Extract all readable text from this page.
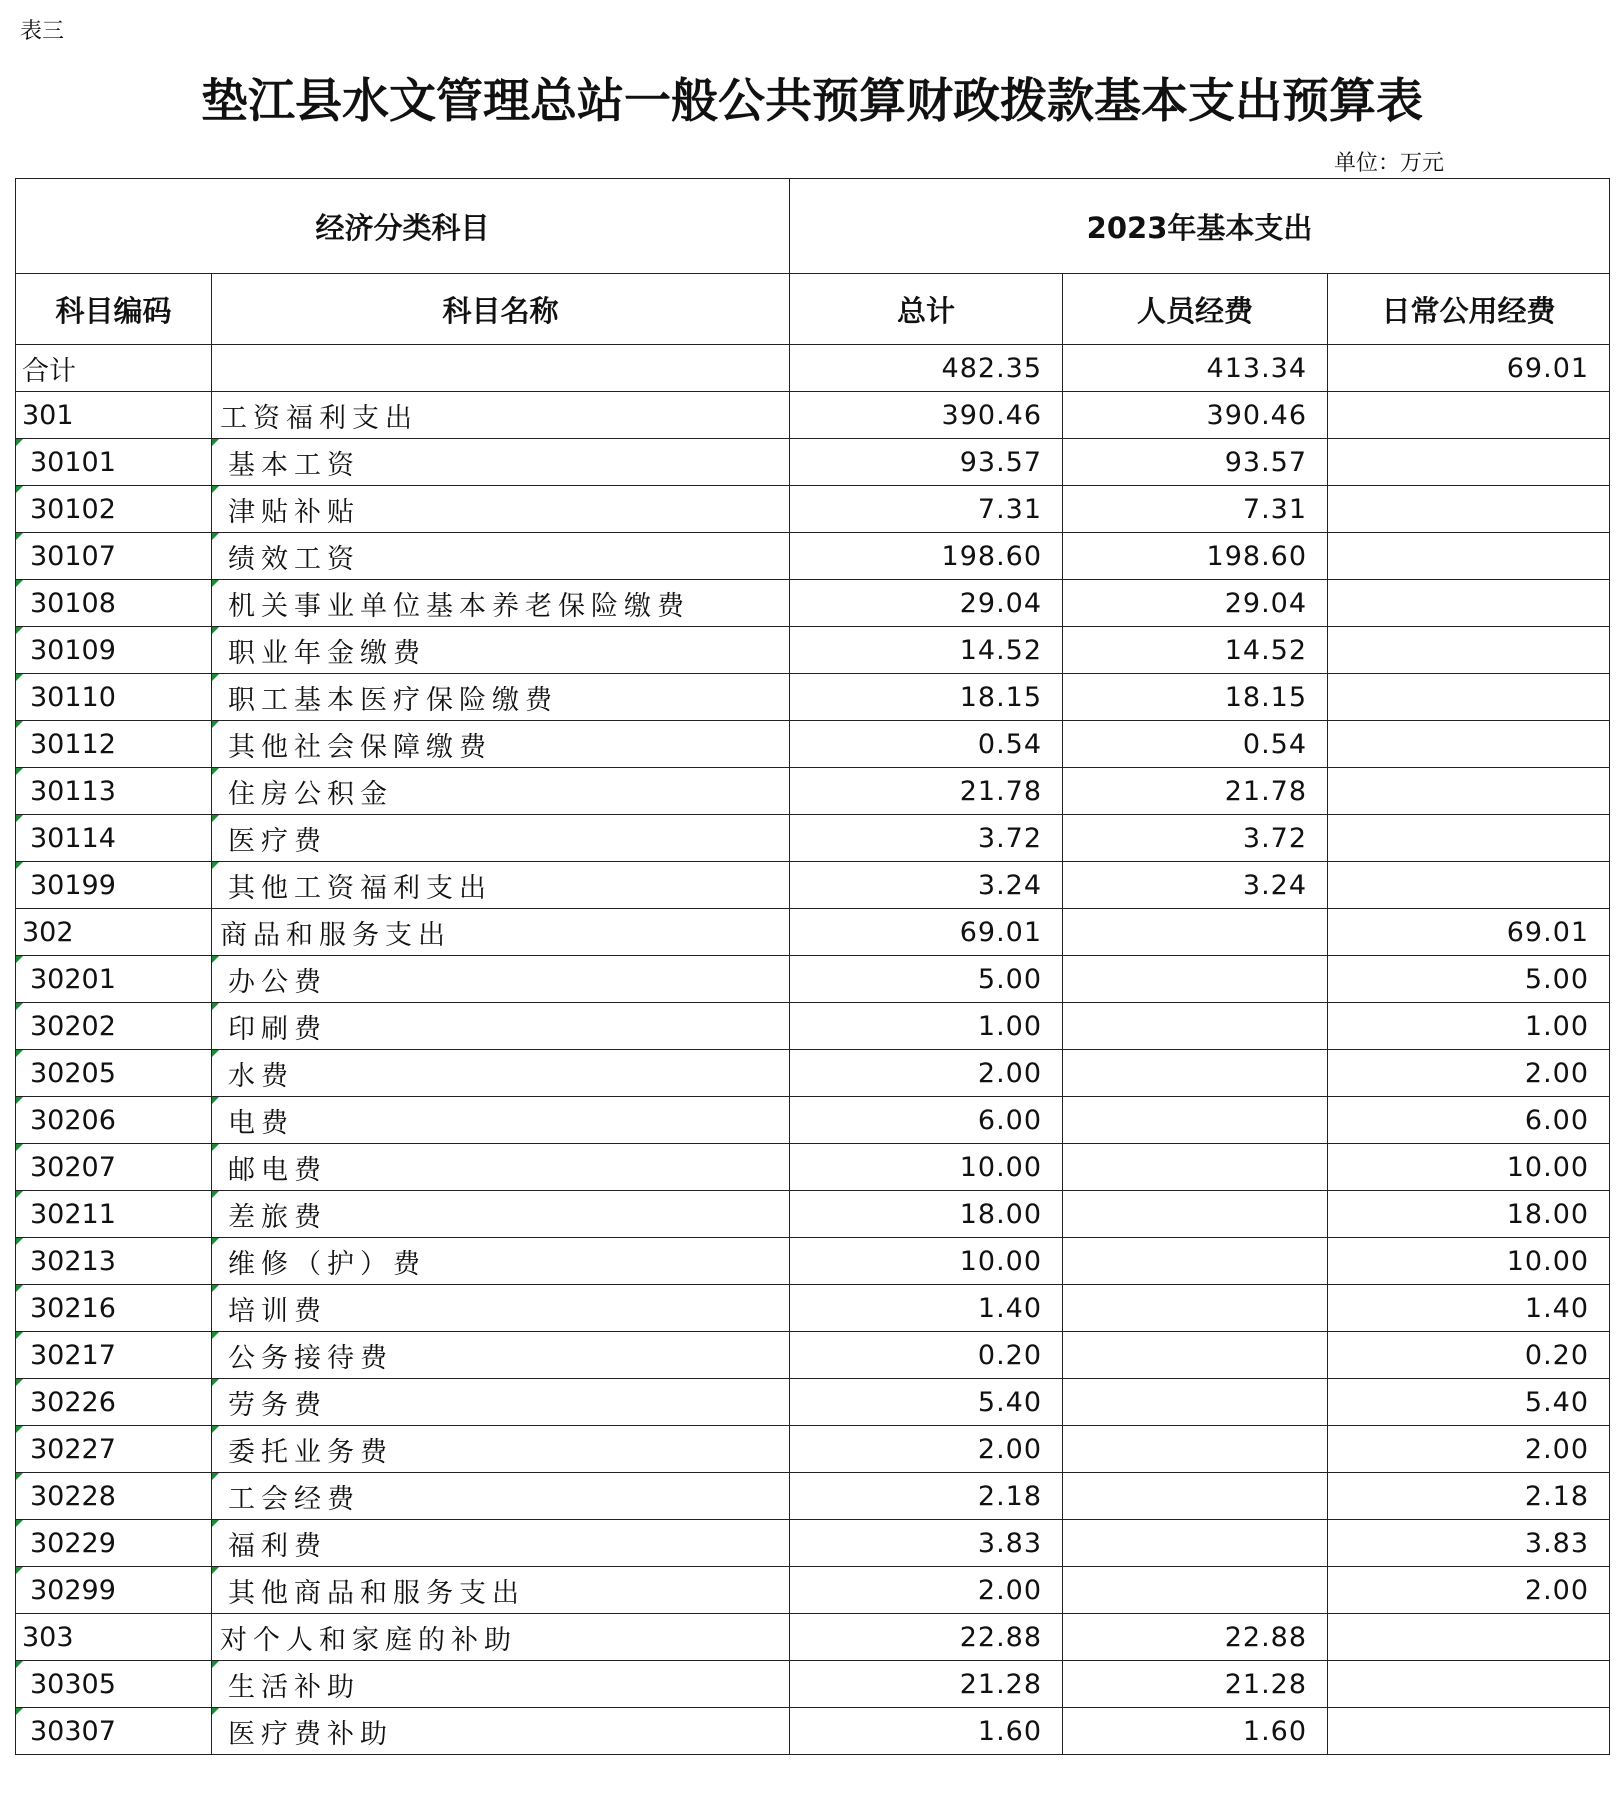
表三
垫江县水文管理总站一般公共预算财政拨款基本支出预算表
单位：万元
经济分类科目		2023年基本支出		
科目编码	科目名称	总计	人员经费	日常公用经费
合计		482.35	413.34	69.01
301	工资福利支出	390.46	390.46	
30101	基本工资	93.57	93.57	
30102	津贴补贴	7.31	7.31	
30107	绩效工资	198.60	198.60	
30108	机关事业单位基本养老保险缴费	29.04	29.04	
30109	职业年金缴费	14.52	14.52	
30110	职工基本医疗保险缴费	18.15	18.15	
30112	其他社会保障缴费	0.54	0.54	
30113	住房公积金	21.78	21.78	
30114	医疗费	3.72	3.72	
30199	其他工资福利支出	3.24	3.24	
302	商品和服务支出	69.01		69.01
30201	办公费	5.00		5.00
30202	印刷费	1.00		1.00
30205	水费	2.00		2.00
30206	电费	6.00		6.00
30207	邮电费	10.00		10.00
30211	差旅费	18.00		18.00
30213	维修（护）费	10.00		10.00
30216	培训费	1.40		1.40
30217	公务接待费	0.20		0.20
30226	劳务费	5.40		5.40
30227	委托业务费	2.00		2.00
30228	工会经费	2.18		2.18
30229	福利费	3.83		3.83
30299	其他商品和服务支出	2.00		2.00
303	对个人和家庭的补助	22.88	22.88	
30305	生活补助	21.28	21.28	
30307	医疗费补助	1.60	1.60	
